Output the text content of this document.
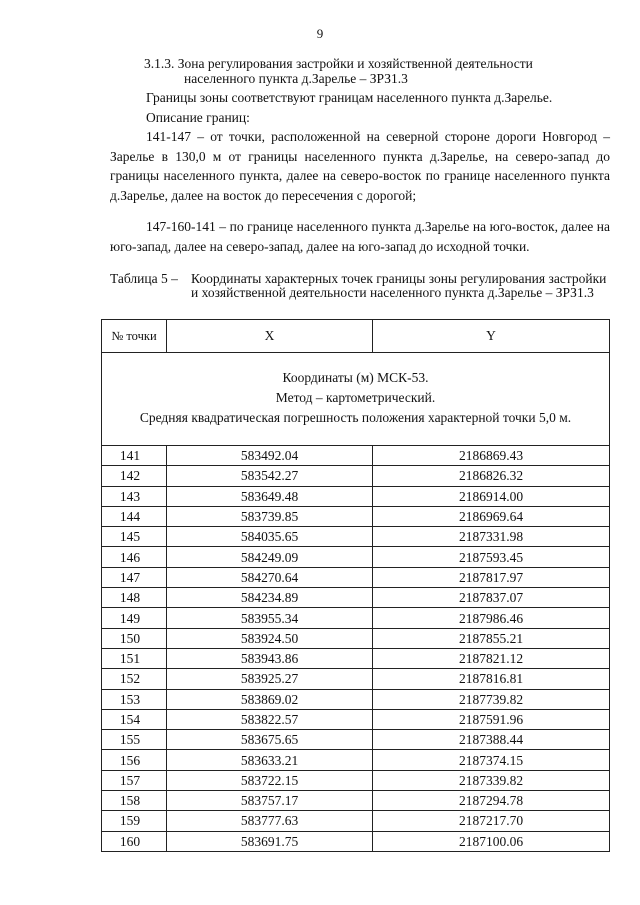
9
3.1.3. Зона регулирования застройки и хозяйственной деятельности
населенного пункта д.Зарелье – ЗРЗ1.3
Границы зоны соответствуют границам населенного пункта д.Зарелье.
Описание границ:
141-147 – от точки, расположенной на северной стороне дороги Новгород – Зарелье в 130,0 м от границы населенного пункта д.Зарелье, на северо-запад до границы населенного пункта, далее на северо-восток по границе населенного пункта д.Зарелье, далее на восток до пересечения с дорогой;
147-160-141 – по границе населенного пункта д.Зарелье на юго-восток, далее на юго-запад, далее на северо-запад, далее на юго-запад до исходной точки.
Таблица 5 – Координаты характерных точек границы зоны регулирования застройки и хозяйственной деятельности населенного пункта д.Зарелье – ЗРЗ1.3
№ точки	X	Y

Координаты (м) МСК-53.
Метод – картометрический.
Средняя квадратическая погрешность положения характерной точки 5,0 м.		

141	583492.04	2186869.43
142	583542.27	2186826.32
143	583649.48	2186914.00
144	583739.85	2186969.64
145	584035.65	2187331.98
146	584249.09	2187593.45
147	584270.64	2187817.97
148	584234.89	2187837.07
149	583955.34	2187986.46
150	583924.50	2187855.21
151	583943.86	2187821.12
152	583925.27	2187816.81
153	583869.02	2187739.82
154	583822.57	2187591.96
155	583675.65	2187388.44
156	583633.21	2187374.15
157	583722.15	2187339.82
158	583757.17	2187294.78
159	583777.63	2187217.70
160	583691.75	2187100.06
